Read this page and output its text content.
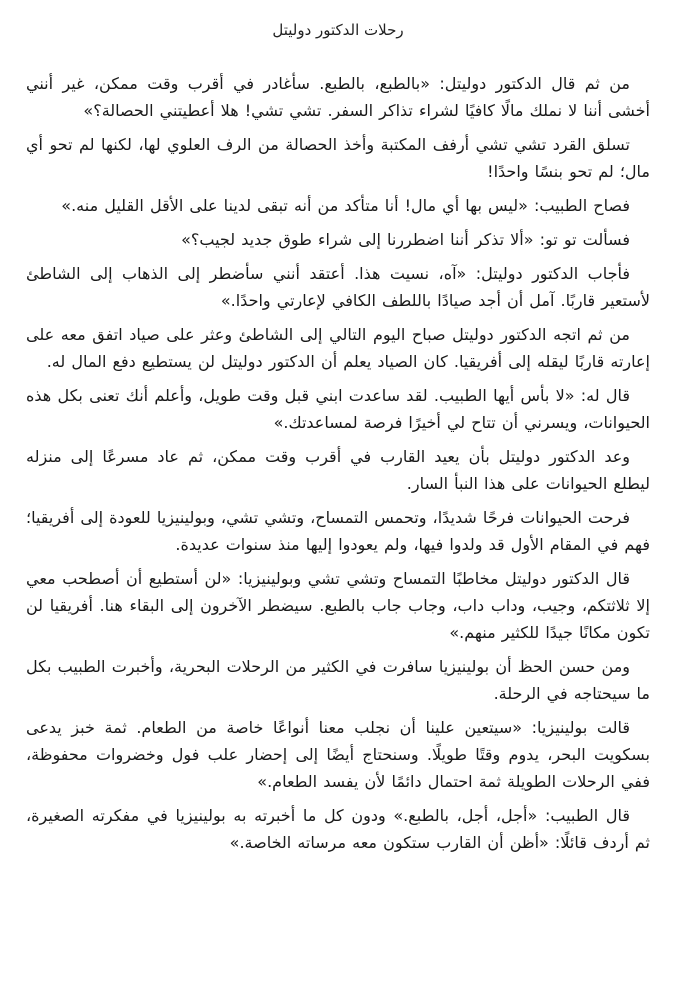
رحلات الدكتور دوليتل

من ثم قال الدكتور دوليتل: «بالطبع، بالطبع. سأغادر في أقرب وقت ممكن، غير أنني أخشى أننا لا نملك مالًا كافيًا لشراء تذاكر السفر. تشي تشي! هلا أعطيتني الحصالة؟»

تسلق القرد تشي تشي أرفف المكتبة وأخذ الحصالة من الرف العلوي لها، لكنها لم تحو أي مال؛ لم تحو بنسًا واحدًا!

فصاح الطبيب: «ليس بها أي مال! أنا متأكد من أنه تبقى لدينا على الأقل القليل منه.»

فسألت تو تو: «ألا تذكر أننا اضطررنا إلى شراء طوق جديد لجيب؟»

فأجاب الدكتور دوليتل: «آه، نسيت هذا. أعتقد أنني سأضطر إلى الذهاب إلى الشاطئ لأستعير قاربًا. آمل أن أجد صيادًا باللطف الكافي لإعارتي واحدًا.»

من ثم اتجه الدكتور دوليتل صباح اليوم التالي إلى الشاطئ وعثر على صياد اتفق معه على إعارته قاربًا ليقله إلى أفريقيا. كان الصياد يعلم أن الدكتور دوليتل لن يستطيع دفع المال له.

قال له: «لا بأس أيها الطبيب. لقد ساعدت ابني قبل وقت طويل، وأعلم أنك تعنى بكل هذه الحيوانات، ويسرني أن تتاح لي أخيرًا فرصة لمساعدتك.»

وعد الدكتور دوليتل بأن يعيد القارب في أقرب وقت ممكن، ثم عاد مسرعًا إلى منزله ليطلع الحيوانات على هذا النبأ السار.

فرحت الحيوانات فرحًا شديدًا، وتحمس التمساح، وتشي تشي، وبولينيزيا للعودة إلى أفريقيا؛ فهم في المقام الأول قد ولدوا فيها، ولم يعودوا إليها منذ سنوات عديدة.

قال الدكتور دوليتل مخاطبًا التمساح وتشي تشي وبولينيزيا: «لن أستطيع أن أصطحب معي إلا ثلاثتكم، وجيب، وداب داب، وجاب جاب بالطبع. سيضطر الآخرون إلى البقاء هنا. أفريقيا لن تكون مكانًا جيدًا للكثير منهم.»

ومن حسن الحظ أن بولينيزيا سافرت في الكثير من الرحلات البحرية، وأخبرت الطبيب بكل ما سيحتاجه في الرحلة.

قالت بولينيزيا: «سيتعين علينا أن نجلب معنا أنواعًا خاصة من الطعام. ثمة خبز يدعى بسكويت البحر، يدوم وقتًا طويلًا. وسنحتاج أيضًا إلى إحضار علب فول وخضروات محفوظة، ففي الرحلات الطويلة ثمة احتمال دائمًا لأن يفسد الطعام.»

قال الطبيب: «أجل، أجل، بالطبع.» ودون كل ما أخبرته به بولينيزيا في مفكرته الصغيرة، ثم أردف قائلًا: «أظن أن القارب ستكون معه مرساته الخاصة.»
